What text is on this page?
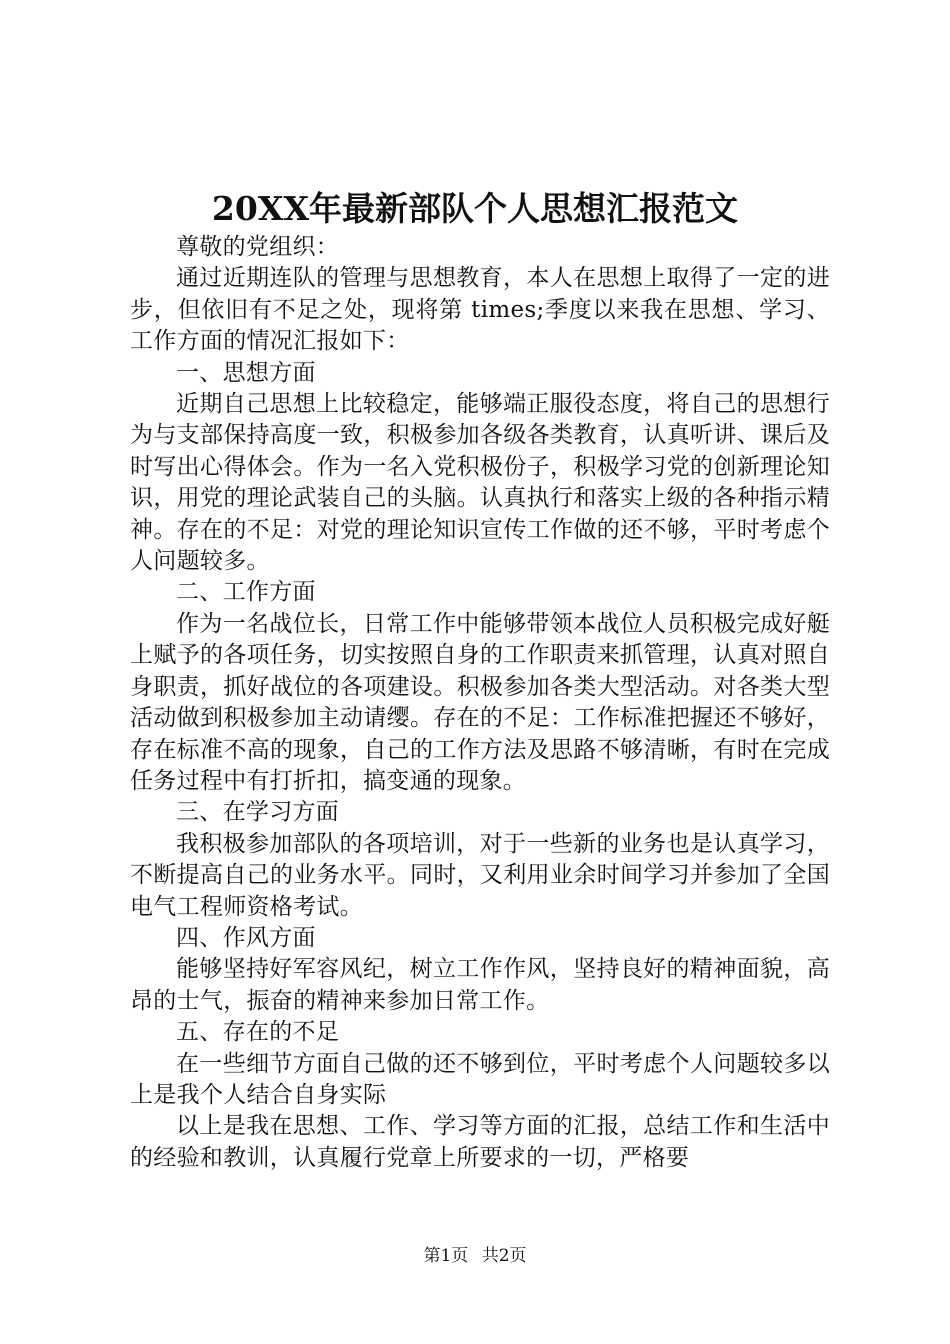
20XX年最新部队个人思想汇报范文

尊敬的党组织：

通过近期连队的管理与思想教育，本人在思想上取得了一定的进步，但依旧有不足之处，现将第 times;季度以来我在思想、学习、工作方面的情况汇报如下：

一、思想方面

近期自己思想上比较稳定，能够端正服役态度，将自己的思想行为与支部保持高度一致，积极参加各级各类教育，认真听讲、课后及时写出心得体会。作为一名入党积极份子，积极学习党的创新理论知识，用党的理论武装自己的头脑。认真执行和落实上级的各种指示精神。存在的不足：对党的理论知识宣传工作做的还不够，平时考虑个人问题较多。

二、工作方面

作为一名战位长，日常工作中能够带领本战位人员积极完成好艇上赋予的各项任务，切实按照自身的工作职责来抓管理，认真对照自身职责，抓好战位的各项建设。积极参加各类大型活动。对各类大型活动做到积极参加主动请缨。存在的不足：工作标准把握还不够好，存在标准不高的现象，自己的工作方法及思路不够清晰，有时在完成任务过程中有打折扣，搞变通的现象。

三、在学习方面

我积极参加部队的各项培训，对于一些新的业务也是认真学习，不断提高自己的业务水平。同时，又利用业余时间学习并参加了全国电气工程师资格考试。

四、作风方面

能够坚持好军容风纪，树立工作作风，坚持良好的精神面貌，高昂的士气，振奋的精神来参加日常工作。

五、存在的不足

在一些细节方面自己做的还不够到位，平时考虑个人问题较多以上是我个人结合自身实际

以上是我在思想、工作、学习等方面的汇报，总结工作和生活中的经验和教训，认真履行党章上所要求的一切，严格要

第1页 共2页
